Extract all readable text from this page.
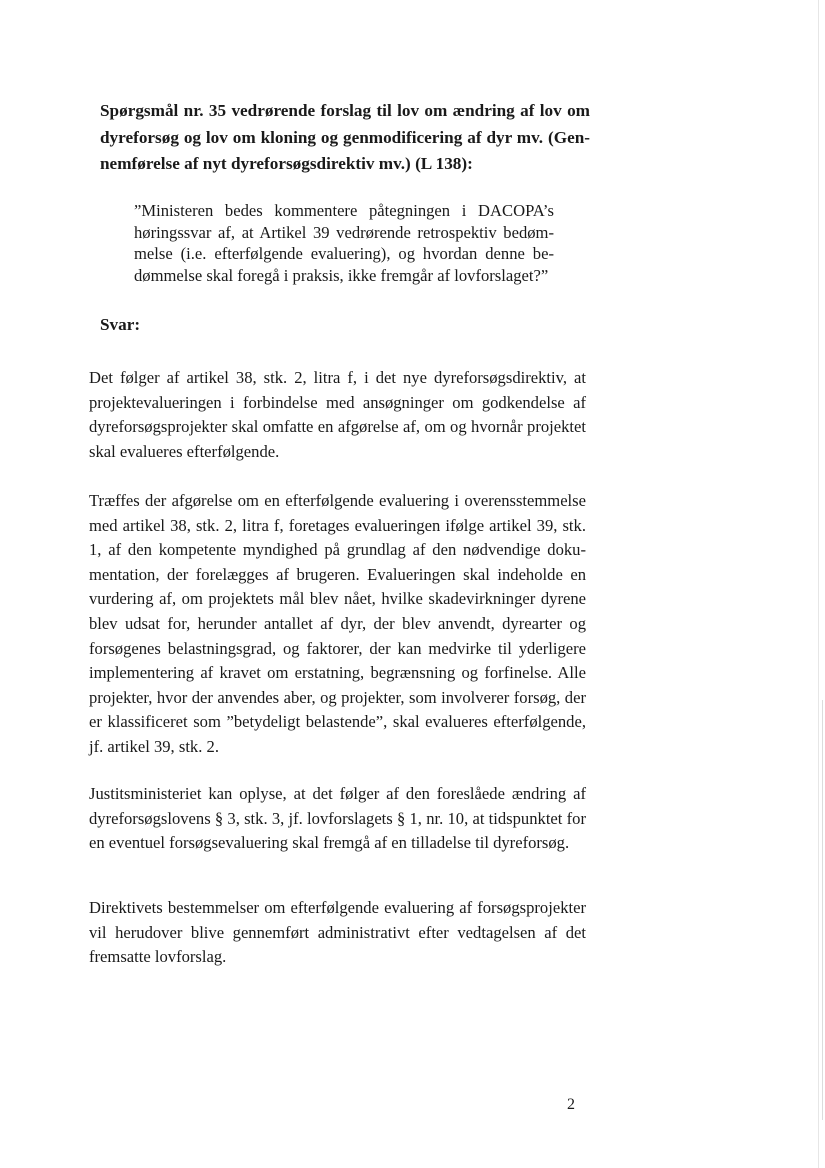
Spørgsmål nr. 35 vedrørende forslag til lov om ændring af lov om dyreforsøg og lov om kloning og genmodificering af dyr mv. (Gennemførelse af nyt dyreforsøgsdirektiv mv.) (L 138):
”Ministeren bedes kommentere påtegningen i DACOPA’s høringssvar af, at Artikel 39 vedrørende retrospektiv bedømmelse (i.e. efterfølgende evaluering), og hvordan denne bedømmelse skal foregå i praksis, ikke fremgår af lovforslaget?”
Svar:
Det følger af artikel 38, stk. 2, litra f, i det nye dyreforsøgsdirektiv, at projektevalueringen i forbindelse med ansøgninger om godkendelse af dyreforsøgsprojekter skal omfatte en afgørelse af, om og hvornår projektet skal evalueres efterfølgende.
Træffes der afgørelse om en efterfølgende evaluering i overensstemmelse med artikel 38, stk. 2, litra f, foretages evalueringen ifølge artikel 39, stk. 1, af den kompetente myndighed på grundlag af den nødvendige dokumentation, der forelægges af brugeren. Evalueringen skal indeholde en vurdering af, om projektets mål blev nået, hvilke skadevirkninger dyrene blev udsat for, herunder antallet af dyr, der blev anvendt, dyrearter og forsøgenes belastningsgrad, og faktorer, der kan medvirke til yderligere implementering af kravet om erstatning, begrænsning og forfinelse. Alle projekter, hvor der anvendes aber, og projekter, som involverer forsøg, der er klassificeret som ”betydeligt belastende”, skal evalueres efterfølgende, jf. artikel 39, stk. 2.
Justitsministeriet kan oplyse, at det følger af den foreslåede ændring af dyreforsøgslovens § 3, stk. 3, jf. lovforslagets § 1, nr. 10, at tidspunktet for en eventuel forsøgsevaluering skal fremgå af en tilladelse til dyreforsøg.
Direktivets bestemmelser om efterfølgende evaluering af forsøgsprojekter vil herudover blive gennemført administrativt efter vedtagelsen af det fremsatte lovforslag.
2
